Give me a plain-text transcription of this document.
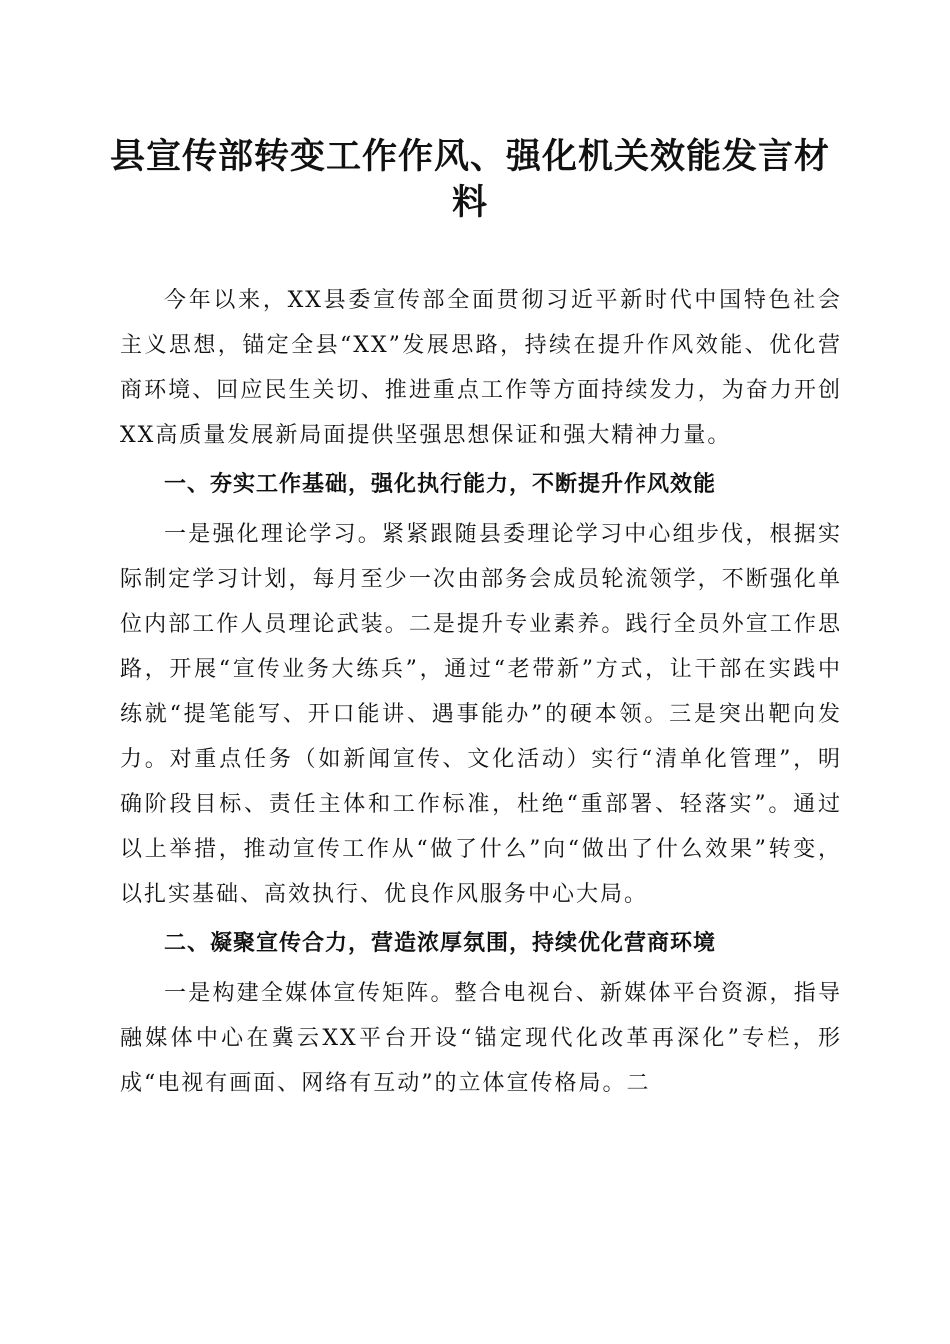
县宣传部转变工作作风、强化机关效能发言材料

今年以来，XX县委宣传部全面贯彻习近平新时代中国特色社会主义思想，锚定全县“XX”发展思路，持续在提升作风效能、优化营商环境、回应民生关切、推进重点工作等方面持续发力，为奋力开创XX高质量发展新局面提供坚强思想保证和强大精神力量。

一、夯实工作基础，强化执行能力，不断提升作风效能

一是强化理论学习。紧紧跟随县委理论学习中心组步伐，根据实际制定学习计划，每月至少一次由部务会成员轮流领学，不断强化单位内部工作人员理论武装。二是提升专业素养。践行全员外宣工作思路，开展“宣传业务大练兵”，通过“老带新”方式，让干部在实践中练就“提笔能写、开口能讲、遇事能办”的硬本领。三是突出靶向发力。对重点任务（如新闻宣传、文化活动）实行“清单化管理”，明确阶段目标、责任主体和工作标准，杜绝“重部署、轻落实”。通过以上举措，推动宣传工作从“做了什么”向“做出了什么效果”转变，以扎实基础、高效执行、优良作风服务中心大局。

二、凝聚宣传合力，营造浓厚氛围，持续优化营商环境

一是构建全媒体宣传矩阵。整合电视台、新媒体平台资源，指导融媒体中心在冀云XX平台开设“锚定现代化改革再深化”专栏，形成“电视有画面、网络有互动”的立体宣传格局。二
